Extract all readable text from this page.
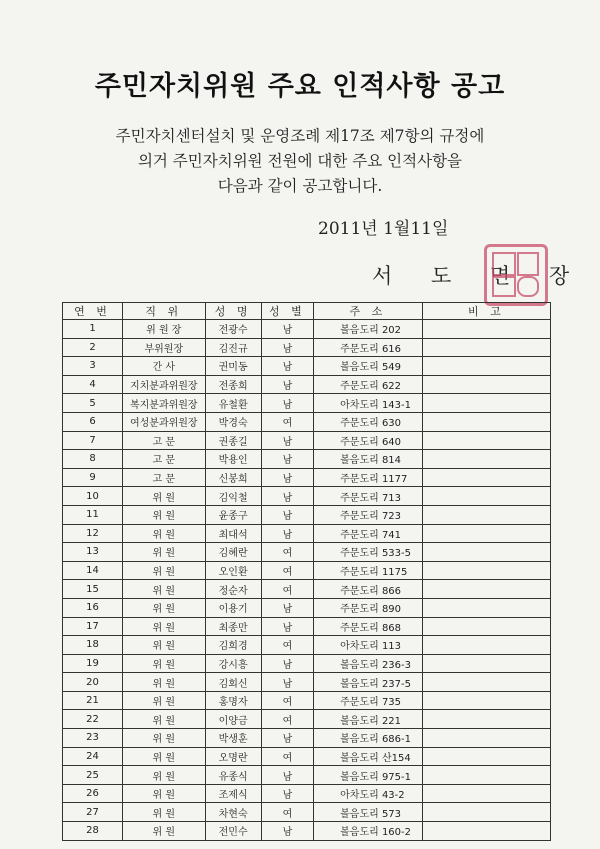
주민자치위원 주요 인적사항 공고
주민자치센터설치 및 운영조례 제17조 제7항의 규정에
의거 주민자치위원 전원에 대한 주요 인적사항을
다음과 같이 공고합니다.
2011년 1월11일
서 도 면 장
연 번	직 위	성 명	성 별	주 소	비 고
1	위 원 장	전광수	남	볼음도리 202	
2	부위원장	김진규	남	주문도리 616	
3	간 사	권미동	남	볼음도리 549	
4	지치분과위원장	전종희	남	주문도리 622	
5	복지분과위원장	유철환	남	아차도리 143-1	
6	여성분과위원장	박경숙	여	주문도리 630	
7	고 문	권종길	남	주문도리 640	
8	고 문	박용인	남	볼음도리 814	
9	고 문	신봉희	남	주문도리 1177	
10	위 원	김익철	남	주문도리 713	
11	위 원	윤종구	남	주문도리 723	
12	위 원	최대석	남	주문도리 741	
13	위 원	김혜란	여	주문도리 533-5	
14	위 원	오인환	여	주문도리 1175	
15	위 원	정순자	여	주문도리 866	
16	위 원	이용기	남	주문도리 890	
17	위 원	최종만	남	주문도리 868	
18	위 원	김희경	여	아차도리 113	
19	위 원	강시흥	남	볼음도리 236-3	
20	위 원	김회신	남	볼음도리 237-5	
21	위 원	홍명자	여	주문도리 735	
22	위 원	이양금	여	볼음도리 221	
23	위 원	박생훈	남	볼음도리 686-1	
24	위 원	오명란	여	볼음도리 산154	
25	위 원	유종식	남	볼음도리 975-1	
26	위 원	조제식	남	아차도리 43-2	
27	위 원	차현숙	여	볼음도리 573	
28	위 원	전민수	남	볼음도리 160-2	
